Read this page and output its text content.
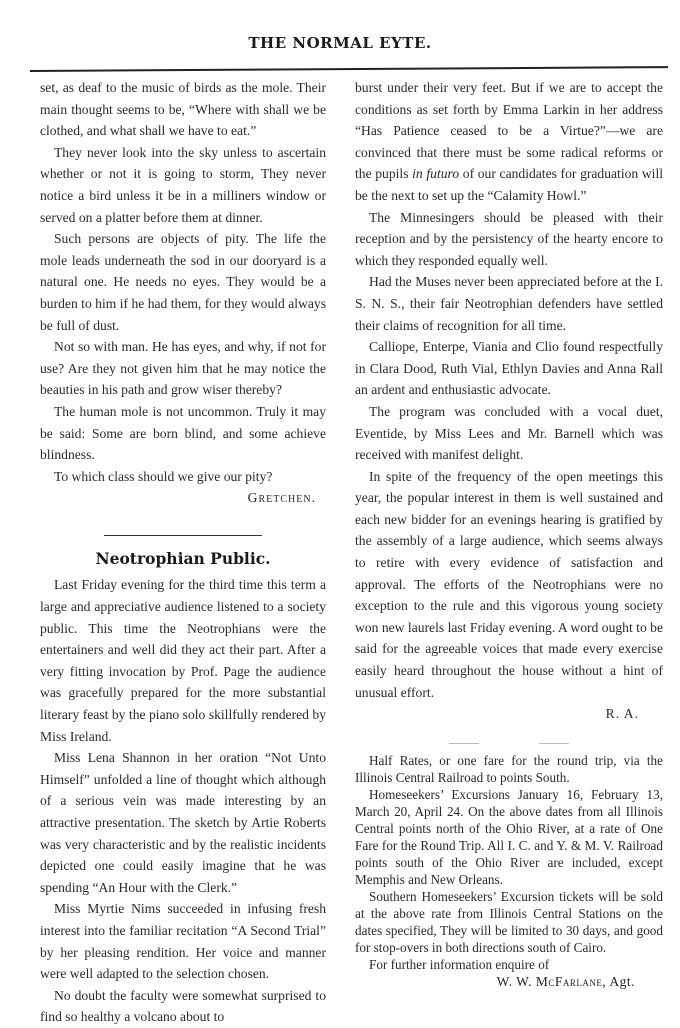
THE NORMAL EYTE.

set, as deaf to the music of birds as the mole. Their main thought seems to be, “Where with shall we be clothed, and what shall we have to eat.”

They never look into the sky unless to ascertain whether or not it is going to storm, They never notice a bird unless it be in a milliners window or served on a platter before them at dinner.

Such persons are objects of pity. The life the mole leads underneath the sod in our dooryard is a natural one. He needs no eyes. They would be a burden to him if he had them, for they would always be full of dust.

Not so with man. He has eyes, and why, if not for use? Are they not given him that he may notice the beauties in his path and grow wiser thereby?

The human mole is not uncommon. Truly it may be said: Some are born blind, and some achieve blindness.

To which class should we give our pity?

Gretchen.

Neotrophian Public.

Last Friday evening for the third time this term a large and appreciative audience listened to a society public. This time the Neotrophians were the entertainers and well did they act their part. After a very fitting invocation by Prof. Page the audience was gracefully prepared for the more substantial literary feast by the piano solo skillfully rendered by Miss Ireland.

Miss Lena Shannon in her oration “Not Unto Himself” unfolded a line of thought which although of a serious vein was made interesting by an attractive presentation. The sketch by Artie Roberts was very characteristic and by the realistic incidents depicted one could easily imagine that he was spending “An Hour with the Clerk.”

Miss Myrtie Nims succeeded in infusing fresh interest into the familiar recitation “A Second Trial” by her pleasing rendition. Her voice and manner were well adapted to the selection chosen.

No doubt the faculty were somewhat surprised to find so healthy a volcano about to

burst under their very feet. But if we are to accept the conditions as set forth by Emma Larkin in her address “Has Patience ceased to be a Virtue?”—we are convinced that there must be some radical reforms or the pupils in futuro of our candidates for graduation will be the next to set up the “Calamity Howl.”

The Minnesingers should be pleased with their reception and by the persistency of the hearty encore to which they responded equally well.

Had the Muses never been appreciated before at the I. S. N. S., their fair Neotrophian defenders have settled their claims of recognition for all time.

Calliope, Enterpe, Viania and Clio found respectfully in Clara Dood, Ruth Vial, Ethlyn Davies and Anna Rall an ardent and enthusiastic advocate.

The program was concluded with a vocal duet, Eventide, by Miss Lees and Mr. Barnell which was received with manifest delight.

In spite of the frequency of the open meetings this year, the popular interest in them is well sustained and each new bidder for an evenings hearing is gratified by the assembly of a large audience, which seems always to retire with every evidence of satisfaction and approval. The efforts of the Neotrophians were no exception to the rule and this vigorous young society won new laurels last Friday evening. A word ought to be said for the agreeable voices that made every exercise easily heard throughout the house without a hint of unusual effort.

R. A.

Half Rates, or one fare for the round trip, via the Illinois Central Railroad to points South.

Homeseekers’ Excursions January 16, February 13, March 20, April 24. On the above dates from all Illinois Central points north of the Ohio River, at a rate of One Fare for the Round Trip. All I. C. and Y. & M. V. Railroad points south of the Ohio River are included, except Memphis and New Orleans.

Southern Homeseekers’ Excursion tickets will be sold at the above rate from Illinois Central Stations on the dates specified, They will be limited to 30 days, and good for stop-overs in both directions south of Cairo.

For further information enquire of

W. W. McFarlane, Agt.
